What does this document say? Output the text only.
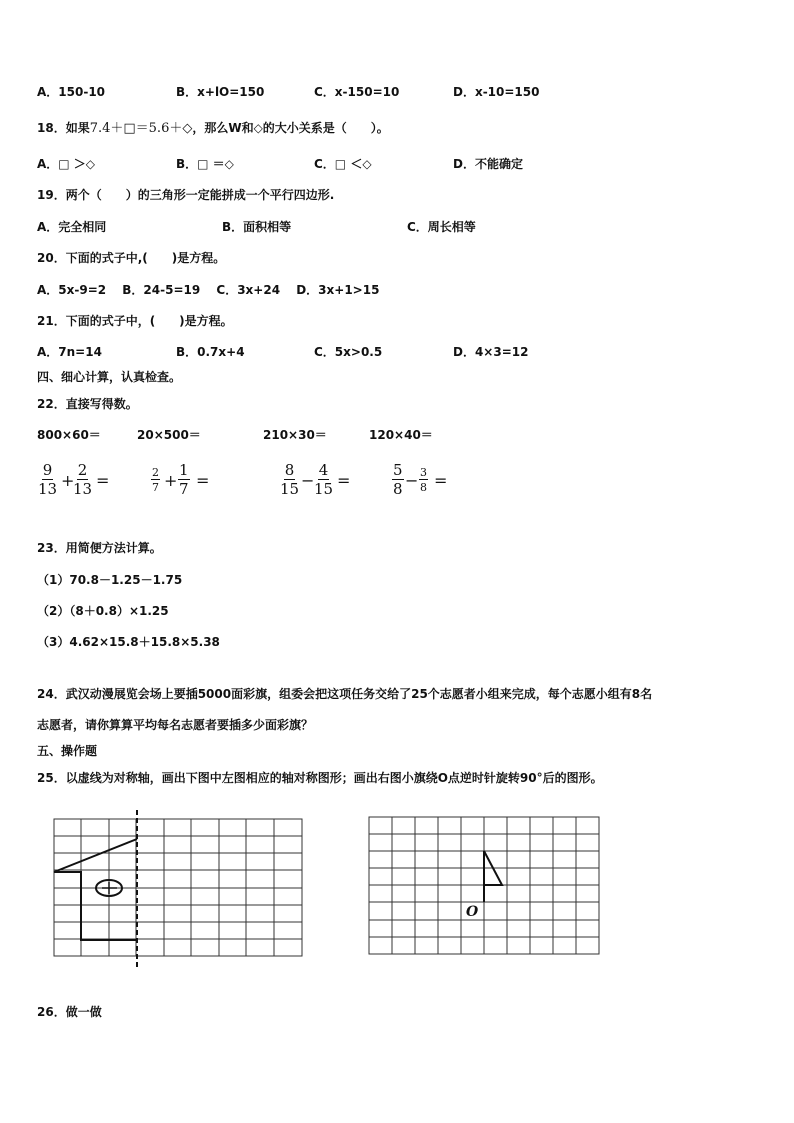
A．150-10	B．x+lO=150	C．x-150=10	D．x-10=150
18．如果7.4＋□＝5.6＋◇，那么W和◇的大小关系是（　　）。
A．□ ＞◇	B．□ ＝◇	C．□ ＜◇	D．不能确定
19．两个（　　）的三角形一定能拼成一个平行四边形.
A．完全相同	B．面积相等	C．周长相等
20．下面的式子中,(　　)是方程。
A．5x-9=2　 B．24-5=19　 C．3x+24　 D．3x+1>15
21．下面的式子中，(　　)是方程。
A．7n=14	B．0.7x+4	C．5x>0.5	D．4×3=12
四、细心计算，认真检查。
22．直接写得数。
800×60＝	20×500＝	210×30＝	120×40＝
$\frac{9}{13}$ +
$\frac{2}{13}$ =	$\frac{2}{7} + \frac{1}{7}$ =	$\frac{8}{15} - \frac{4}{15}$ =	$\frac{5}{8} - \frac{3}{8}$ =
23．用简便方法计算。
（1）70.8－1.25－1.75
（2）（8＋0.8）×1.25
（3）4.62×15.8＋15.8×5.38
24．武汉动漫展览会场上要插5000面彩旗，组委会把这项任务交给了25个志愿者小组来完成，每个志愿小组有8名
志愿者，请你算算平均每名志愿者要插多少面彩旗？
五、操作题
25．以虚线为对称轴，画出下图中左图相应的轴对称图形；画出右图小旗绕O点逆时针旋转90°后的图形。
O
26．做一做
